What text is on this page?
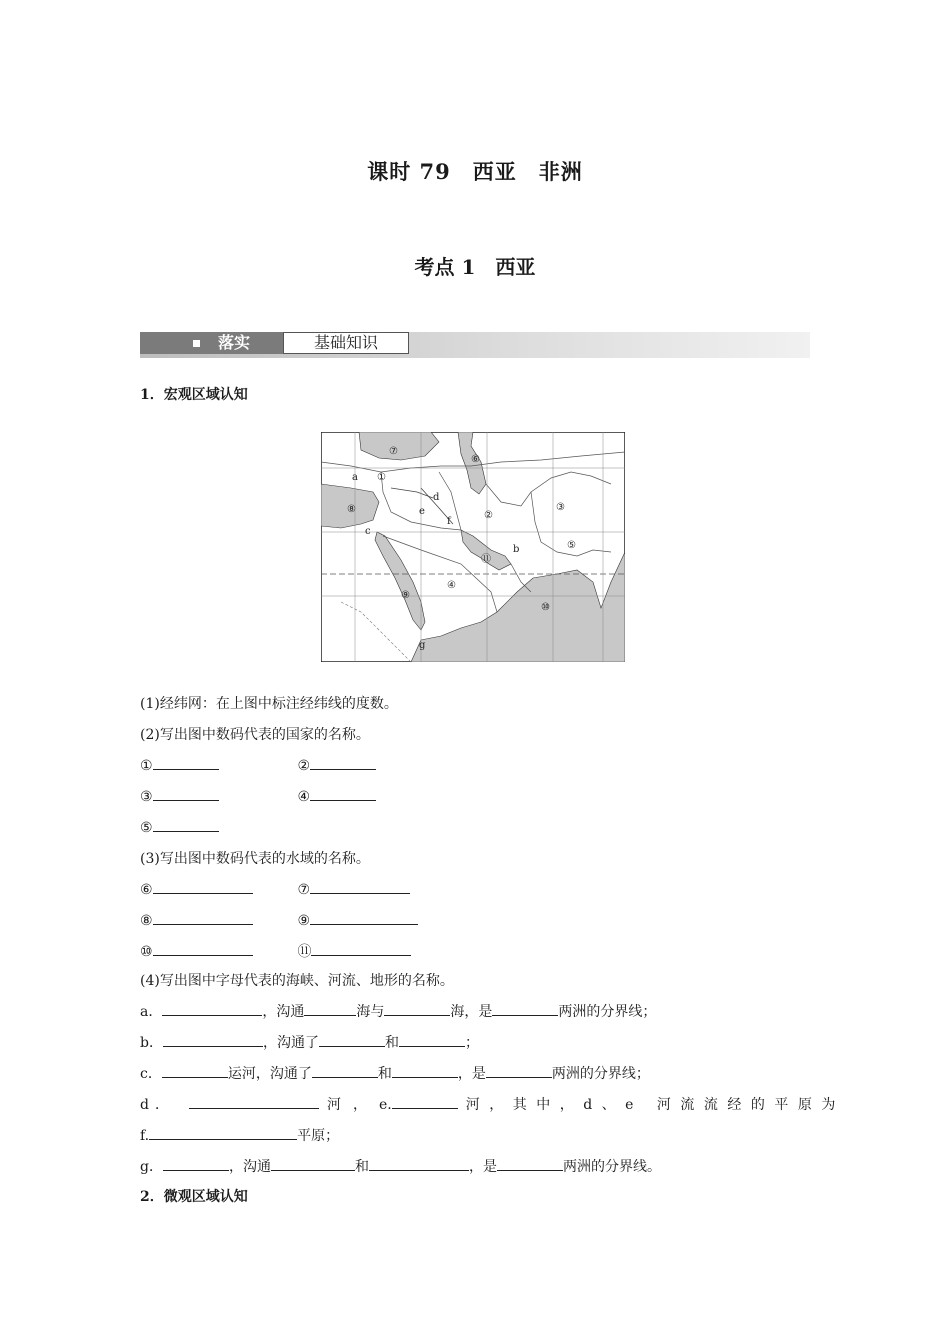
课时 79　西亚　非洲
考点 1　西亚
落实	基础知识
1．宏观区域认知
①
②
③
④
⑤
⑥
⑦
⑧
⑨
⑩
⑪
a
b
c
d
e
f
g
(1)经纬网：在上图中标注经纬线的度数。
(2)写出图中数码代表的国家的名称。
①	②
③	④
⑤
(3)写出图中数码代表的水域的名称。
⑥	⑦
⑧	⑨
⑩	⑪
(4)写出图中字母代表的海峡、河流、地形的名称。
a．	，沟通	海与	海，是	两洲的分界线；
b．	，沟通了	和	；
c．	运河，沟通了	和	，是	两洲的分界线；
d．	河，e.	河，其中，d、e 河流流经的平原为
f.	平原；
g．	，沟通	和	，是	两洲的分界线。
2．微观区域认知
